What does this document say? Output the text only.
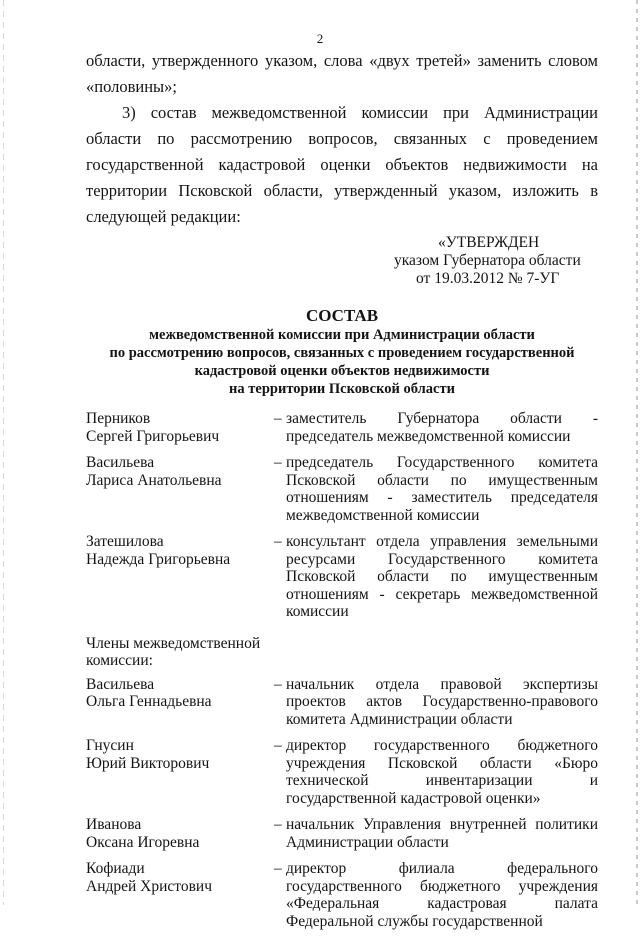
2

области, утвержденного указом, слова «двух третей» заменить словом «половины»;

3) состав межведомственной комиссии при Администрации области по рассмотрению вопросов, связанных с проведением государственной кадастровой оценки объектов недвижимости на территории Псковской области, утвержденный указом, изложить в следующей редакции:

«УТВЕРЖДЕН
указом Губернатора области
от 19.03.2012 № 7-УГ
СОСТАВ
межведомственной комиссии при Администрации области
по рассмотрению вопросов, связанных с проведением государственной
кадастровой оценки объектов недвижимости
на территории Псковской области
Перников
Сергей Григорьевич
– заместитель Губернатора области - председатель межведомственной комиссии
Васильева
Лариса Анатольевна
– председатель Государственного комитета Псковской области по имущественным отношениям - заместитель председателя межведомственной комиссии
Затешилова
Надежда Григорьевна
– консультант отдела управления земельными ресурсами Государственного комитета Псковской области по имущественным отношениям - секретарь межведомственной комиссии
Члены межведомственной комиссии:
Васильева
Ольга Геннадьевна
– начальник отдела правовой экспертизы проектов актов Государственно-правового комитета Администрации области
Гнусин
Юрий Викторович
– директор государственного бюджетного учреждения Псковской области «Бюро технической инвентаризации и государственной кадастровой оценки»
Иванова
Оксана Игоревна
– начальник Управления внутренней политики Администрации области
Кофиади
Андрей Христович
– директор филиала федерального государственного бюджетного учреждения «Федеральная кадастровая палата Федеральной службы государственной
